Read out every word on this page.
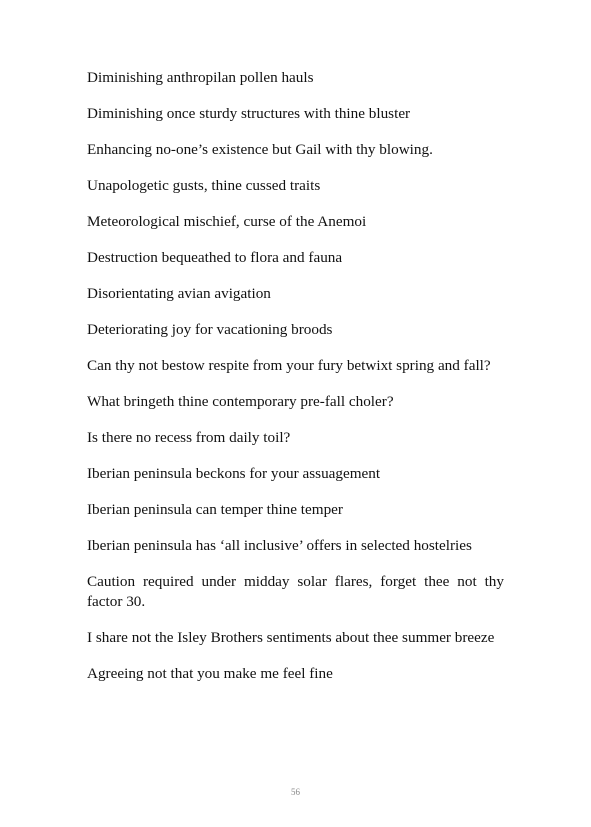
Diminishing anthropilan pollen hauls
Diminishing once sturdy structures with thine bluster
Enhancing no-one’s existence but Gail with thy blowing.
Unapologetic gusts, thine cussed traits
Meteorological mischief, curse of the Anemoi
Destruction bequeathed to flora and fauna
Disorientating avian avigation
Deteriorating joy for vacationing broods
Can thy not bestow respite from your fury betwixt spring and fall?
What bringeth thine contemporary pre-fall choler?
Is there no recess from daily toil?
Iberian peninsula beckons for your assuagement
Iberian peninsula can temper thine temper
Iberian peninsula has ‘all inclusive’ offers in selected hostelries
Caution required under midday solar flares, forget thee not thy factor 30.
I share not the Isley Brothers sentiments about thee summer breeze
Agreeing not that you make me feel fine
56
